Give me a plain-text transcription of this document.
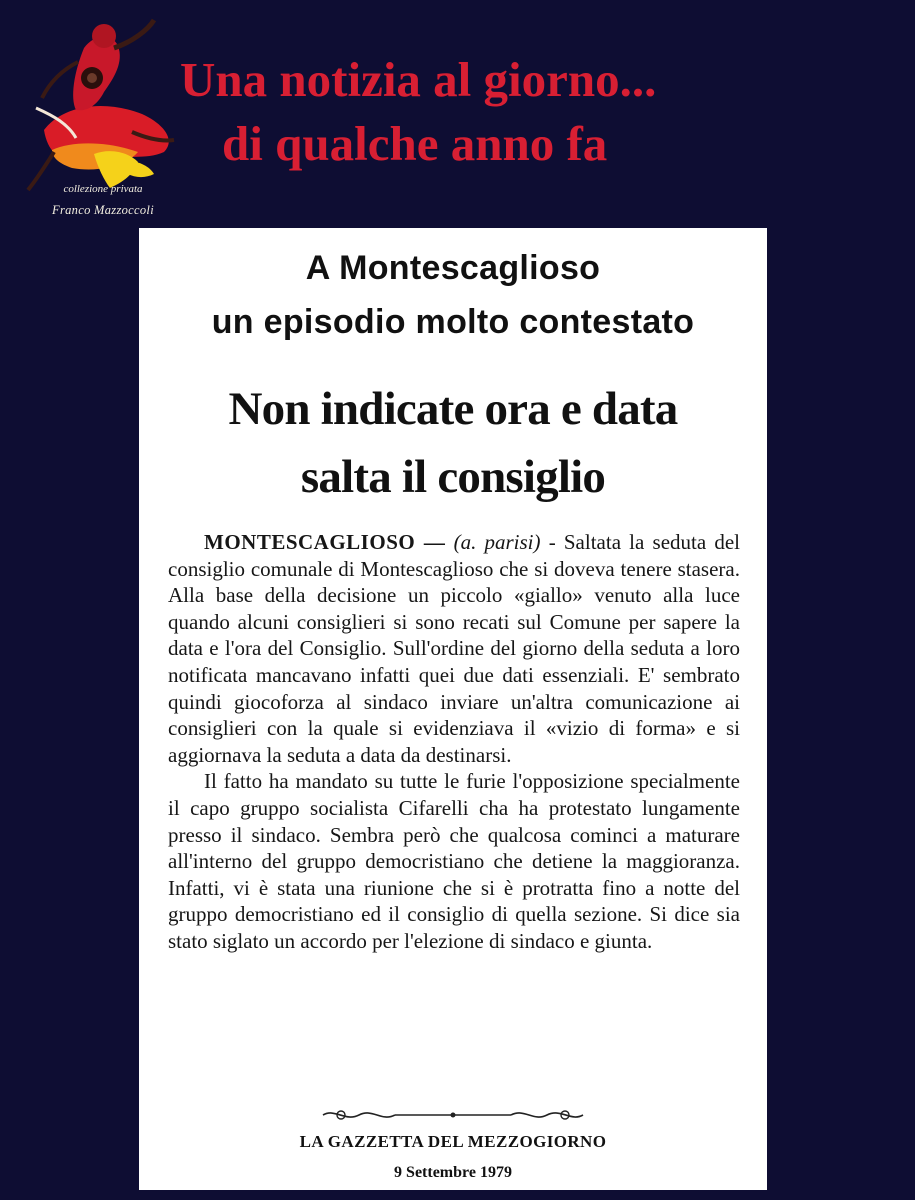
collezione privata
Franco Mazzoccoli
Una notizia al giorno...
di qualche anno fa
A Montescaglioso
un episodio molto contestato
Non indicate ora e data
salta il consiglio

MONTESCAGLIOSO — (a. parisi) - Saltata la seduta del consiglio comunale di Montescaglioso che si doveva tenere stasera. Alla base della decisione un piccolo «giallo» venuto alla luce quando alcuni consiglieri si sono recati sul Comune per sapere la data e l'ora del Consiglio. Sull'ordine del giorno della seduta a loro notificata mancavano infatti quei due dati essenziali. E' sembrato quindi giocoforza al sindaco inviare un'altra comunicazione ai consiglieri con la quale si evidenziava il «vizio di forma» e si aggiornava la seduta a data da destinarsi.

Il fatto ha mandato su tutte le furie l'opposizione specialmente il capo gruppo socialista Cifarelli cha ha protestato lungamente presso il sindaco. Sembra però che qualcosa cominci a maturare all'interno del gruppo democristiano che detiene la maggioranza. Infatti, vi è stata una riunione che si è protratta fino a notte del gruppo democristiano ed il consiglio di quella sezione. Si dice sia stato siglato un accordo per l'elezione di sindaco e giunta.

LA GAZZETTA DEL MEZZOGIORNO
9 Settembre 1979
